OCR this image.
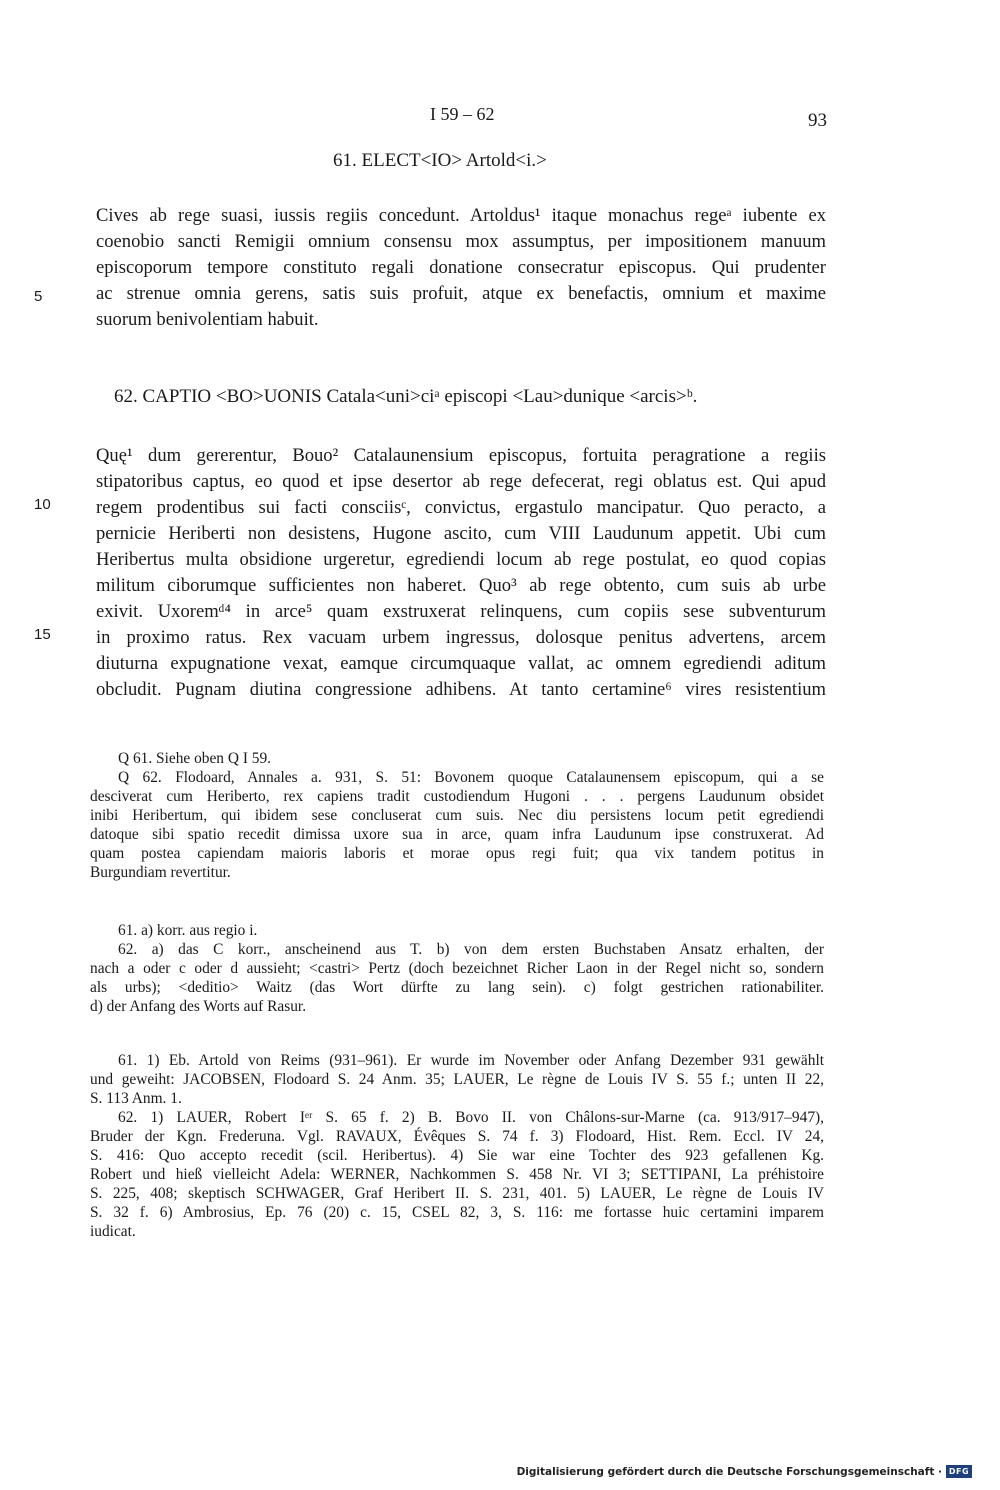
I 59 – 62	93
61. ELECT<IO> Artold<i.>
Cives ab rege suasi, iussis regiis concedunt. Artoldus¹ itaque monachus regeᵃ iubente ex
coenobio sancti Remigii omnium consensu mox assumptus, per impositionem manuum
episcoporum tempore constituto regali donatione consecratur episcopus. Qui prudenter
ac strenue omnia gerens, satis suis profuit, atque ex benefactis, omnium et maxime
suorum benivolentiam habuit.
5
62. CAPTIO <BO>UONIS Catala<uni>ciᵃ episcopi <Lau>dunique <arcis>ᵇ.
Quę¹ dum gererentur, Bouo² Catalaunensium episcopus, fortuita peragratione a regiis
stipatoribus captus, eo quod et ipse desertor ab rege defecerat, regi oblatus est. Qui apud
regem prodentibus sui facti consciisᶜ, convictus, ergastulo mancipatur. Quo peracto, a
pernicie Heriberti non desistens, Hugone ascito, cum VIII Laudunum appetit. Ubi cum
Heribertus multa obsidione urgeretur, egrediendi locum ab rege postulat, eo quod copias
militum ciborumque sufficientes non haberet. Quo³ ab rege obtento, cum suis ab urbe
exivit. Uxoremᵈ⁴ in arce⁵ quam exstruxerat relinquens, cum copiis sese subventurum
in proximo ratus. Rex vacuam urbem ingressus, dolosque penitus advertens, arcem
diuturna expugnatione vexat, eamque circumquaque vallat, ac omnem egrediendi aditum
obcludit. Pugnam diutina congressione adhibens. At tanto certamine⁶ vires resistentium
10
15
Q 61. Siehe oben Q I 59.
Q 62. Flodoard, Annales a. 931, S. 51: Bovonem quoque Catalaunensem episcopum, qui a se
desciverat cum Heriberto, rex capiens tradit custodiendum Hugoni . . . pergens Laudunum obsidet
inibi Heribertum, qui ibidem sese concluserat cum suis. Nec diu persistens locum petit egrediendi
datoque sibi spatio recedit dimissa uxore sua in arce, quam infra Laudunum ipse construxerat. Ad
quam postea capiendam maioris laboris et morae opus regi fuit; qua vix tandem potitus in
Burgundiam revertitur.
61. a) korr. aus regio i.
62. a) das C korr., anscheinend aus T. b) von dem ersten Buchstaben Ansatz erhalten, der
nach a oder c oder d aussieht; <castri> Pertz (doch bezeichnet Richer Laon in der Regel nicht so, sondern
als urbs); <deditio> Waitz (das Wort dürfte zu lang sein). c) folgt gestrichen rationabiliter.
d) der Anfang des Worts auf Rasur.
61. 1) Eb. Artold von Reims (931–961). Er wurde im November oder Anfang Dezember 931 gewählt
und geweiht: JACOBSEN, Flodoard S. 24 Anm. 35; LAUER, Le règne de Louis IV S. 55 f.; unten II 22,
S. 113 Anm. 1.
62. 1) LAUER, Robert Iᵉʳ S. 65 f. 2) B. Bovo II. von Châlons-sur-Marne (ca. 913/917–947),
Bruder der Kgn. Frederuna. Vgl. RAVAUX, Évêques S. 74 f. 3) Flodoard, Hist. Rem. Eccl. IV 24,
S. 416: Quo accepto recedit (scil. Heribertus). 4) Sie war eine Tochter des 923 gefallenen Kg.
Robert und hieß vielleicht Adela: WERNER, Nachkommen S. 458 Nr. VI 3; SETTIPANI, La préhistoire
S. 225, 408; skeptisch SCHWAGER, Graf Heribert II. S. 231, 401. 5) LAUER, Le règne de Louis IV
S. 32 f. 6) Ambrosius, Ep. 76 (20) c. 15, CSEL 82, 3, S. 116: me fortasse huic certamini imparem
iudicat.
Digitalisierung gefördert durch die Deutsche Forschungsgemeinschaft · DFG
